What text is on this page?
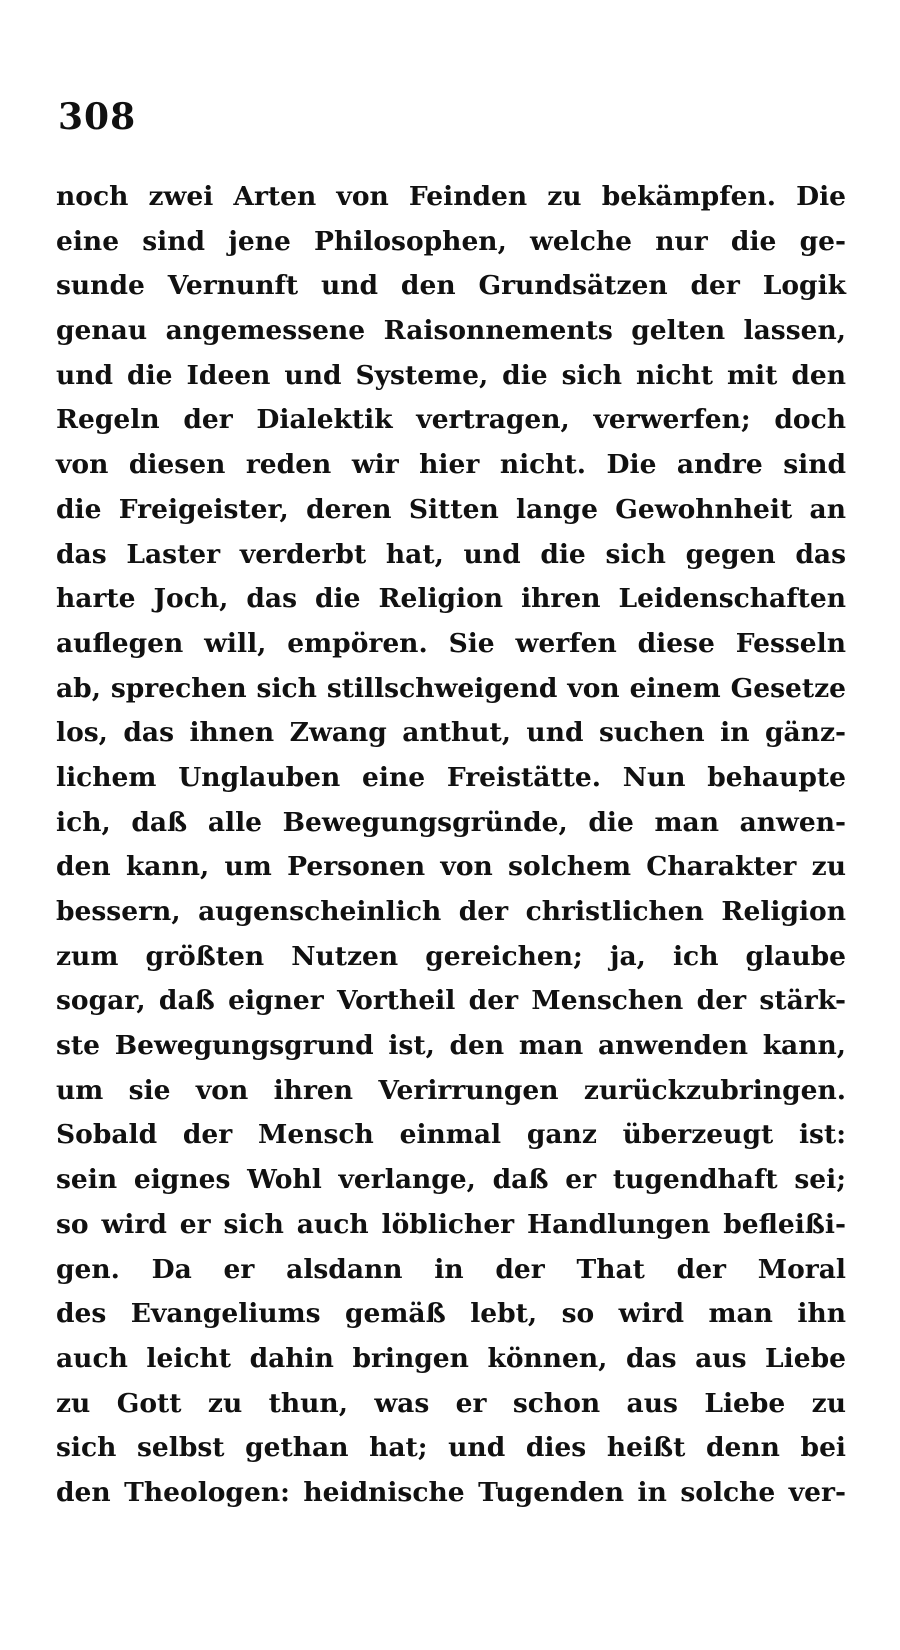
308
noch zwei Arten von Feinden zu bekämpfen. Die
eine sind jene Philosophen, welche nur die ge-
sunde Vernunft und den Grundsätzen der Logik
genau angemessene Raisonnements gelten lassen,
und die Ideen und Systeme, die sich nicht mit den
Regeln der Dialektik vertragen, verwerfen; doch
von diesen reden wir hier nicht. Die andre sind
die Freigeister, deren Sitten lange Gewohnheit an
das Laster verderbt hat, und die sich gegen das
harte Joch, das die Religion ihren Leidenschaften
auflegen will, empören. Sie werfen diese Fesseln
ab, sprechen sich stillschweigend von einem Gesetze
los, das ihnen Zwang anthut, und suchen in gänz-
lichem Unglauben eine Freistätte. Nun behaupte
ich, daß alle Bewegungsgründe, die man anwen-
den kann, um Personen von solchem Charakter zu
bessern, augenscheinlich der christlichen Religion
zum größten Nutzen gereichen; ja, ich glaube
sogar, daß eigner Vortheil der Menschen der stärk-
ste Bewegungsgrund ist, den man anwenden kann,
um sie von ihren Verirrungen zurückzubringen.
Sobald der Mensch einmal ganz überzeugt ist:
sein eignes Wohl verlange, daß er tugendhaft sei;
so wird er sich auch löblicher Handlungen befleißi-
gen. Da er alsdann in der That der Moral
des Evangeliums gemäß lebt, so wird man ihn
auch leicht dahin bringen können, das aus Liebe
zu Gott zu thun, was er schon aus Liebe zu
sich selbst gethan hat; und dies heißt denn bei
den Theologen: heidnische Tugenden in solche ver-
